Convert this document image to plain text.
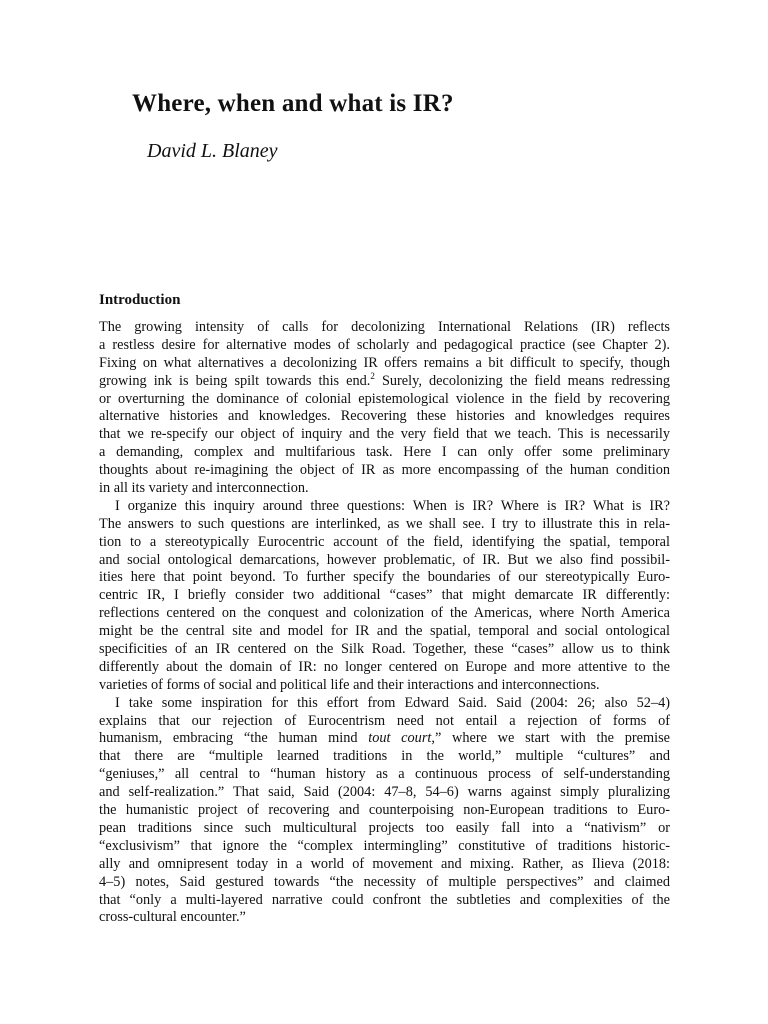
Where, when and what is IR?

David L. Blaney

Introduction
The growing intensity of calls for decolonizing International Relations (IR) reflects
a restless desire for alternative modes of scholarly and pedagogical practice (see Chapter 2).
Fixing on what alternatives a decolonizing IR offers remains a bit difficult to specify, though
growing ink is being spilt towards this end.$^2$ Surely, decolonizing the field means redressing
or overturning the dominance of colonial epistemological violence in the field by recovering
alternative histories and knowledges. Recovering these histories and knowledges requires
that we re-specify our object of inquiry and the very field that we teach. This is necessarily
a demanding, complex and multifarious task. Here I can only offer some preliminary
thoughts about re-imagining the object of IR as more encompassing of the human condition
in all its variety and interconnection.
I organize this inquiry around three questions: When is IR? Where is IR? What is IR?
The answers to such questions are interlinked, as we shall see. I try to illustrate this in rela-
tion to a stereotypically Eurocentric account of the field, identifying the spatial, temporal
and social ontological demarcations, however problematic, of IR. But we also find possibil-
ities here that point beyond. To further specify the boundaries of our stereotypically Euro-
centric IR, I briefly consider two additional “cases” that might demarcate IR differently:
reflections centered on the conquest and colonization of the Americas, where North America
might be the central site and model for IR and the spatial, temporal and social ontological
specificities of an IR centered on the Silk Road. Together, these “cases” allow us to think
differently about the domain of IR: no longer centered on Europe and more attentive to the
varieties of forms of social and political life and their interactions and interconnections.
I take some inspiration for this effort from Edward Said. Said (2004: 26; also 52–4)
explains that our rejection of Eurocentrism need not entail a rejection of forms of
humanism, embracing “the human mind tout court,” where we start with the premise
that there are “multiple learned traditions in the world,” multiple “cultures” and
“geniuses,” all central to “human history as a continuous process of self-understanding
and self-realization.” That said, Said (2004: 47–8, 54–6) warns against simply pluralizing
the humanistic project of recovering and counterpoising non-European traditions to Euro-
pean traditions since such multicultural projects too easily fall into a “nativism” or
“exclusivism” that ignore the “complex intermingling” constitutive of traditions historic-
ally and omnipresent today in a world of movement and mixing. Rather, as Ilieva (2018:
4–5) notes, Said gestured towards “the necessity of multiple perspectives” and claimed
that “only a multi-layered narrative could confront the subtleties and complexities of the
cross-cultural encounter.”
